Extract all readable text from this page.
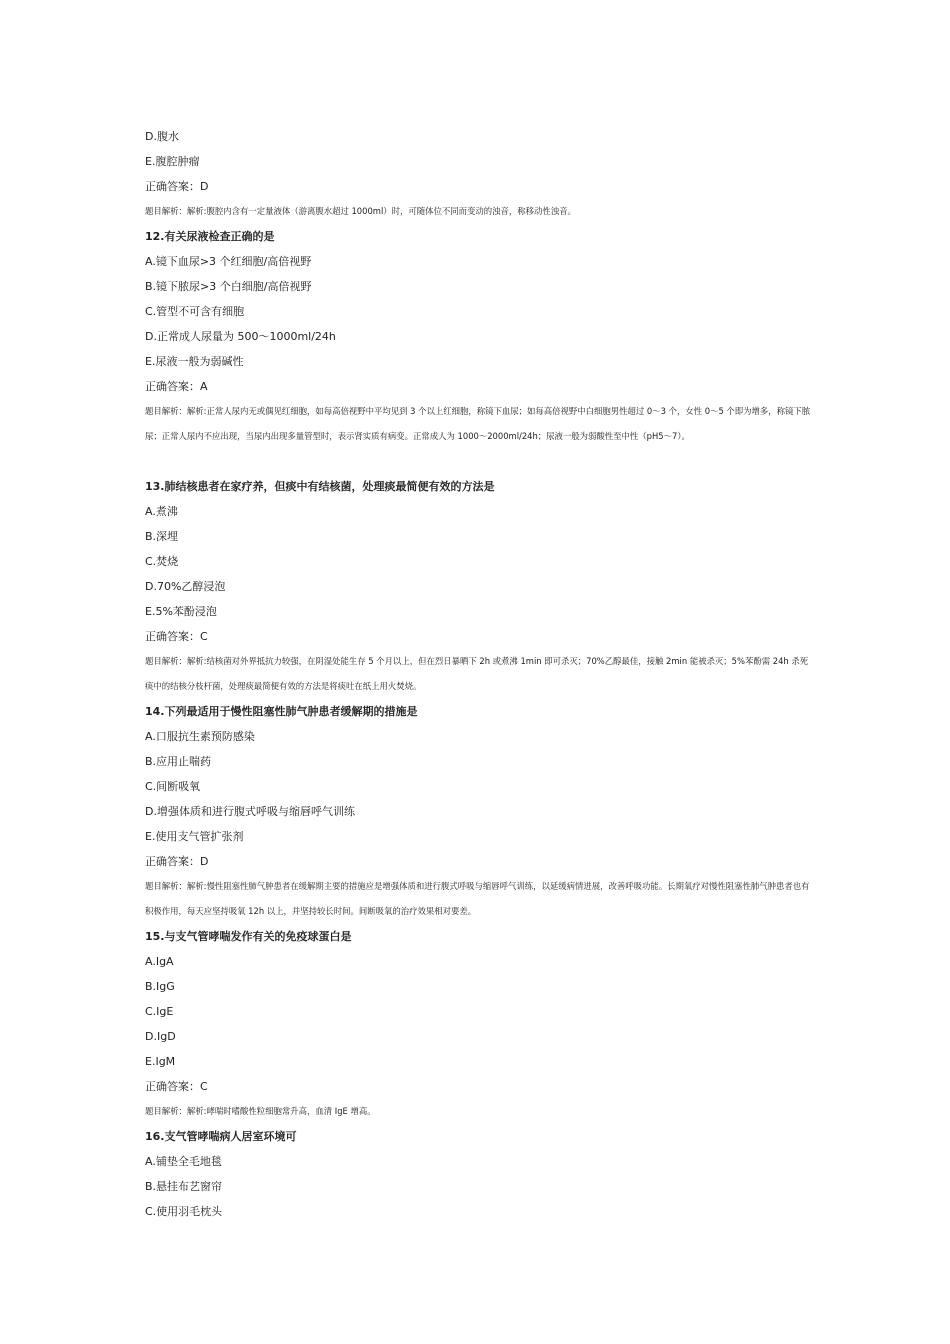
D.腹水
E.腹腔肿瘤
正确答案：D
题目解析：解析:腹腔内含有一定量液体（游离腹水超过 1000ml）时，可随体位不同而变动的浊音，称移动性浊音。
12.有关尿液检查正确的是
A.镜下血尿>3 个红细胞/高倍视野
B.镜下脓尿>3 个白细胞/高倍视野
C.管型不可含有细胞
D.正常成人尿量为 500～1000ml/24h
E.尿液一般为弱碱性
正确答案：A
题目解析：解析:正常人尿内无或偶见红细胞，如每高倍视野中平均见到 3 个以上红细胞，称镜下血尿；如每高倍视野中白细胞男性超过 0～3 个，女性 0～5 个即为增多，称镜下脓尿；正常人尿内不应出现，当尿内出现多量管型时，表示肾实质有病变。正常成人为 1000～2000ml/24h；尿液一般为弱酸性至中性（pH5～7）。
13.肺结核患者在家疗养，但痰中有结核菌，处理痰最简便有效的方法是
A.煮沸
B.深埋
C.焚烧
D.70%乙醇浸泡
E.5%苯酚浸泡
正确答案：C
题目解析：解析:结核菌对外界抵抗力较强，在阴湿处能生存 5 个月以上，但在烈日暴晒下 2h 或煮沸 1min 即可杀灭；70%乙醇最佳，接触 2min 能被杀灭；5%苯酚需 24h 杀死痰中的结核分枝杆菌，处理痰最简便有效的方法是将痰吐在纸上用火焚烧。
14.下列最适用于慢性阻塞性肺气肿患者缓解期的措施是
A.口服抗生素预防感染
B.应用止喘药
C.间断吸氧
D.增强体质和进行腹式呼吸与缩唇呼气训练
E.使用支气管扩张剂
正确答案：D
题目解析：解析:慢性阻塞性肺气肿患者在缓解期主要的措施应是增强体质和进行腹式呼吸与缩唇呼气训练，以延缓病情进展，改善呼吸功能。长期氧疗对慢性阻塞性肺气肿患者也有积极作用，每天应坚持吸氧 12h 以上，并坚持较长时间。间断吸氧的治疗效果相对要差。
15.与支气管哮喘发作有关的免疫球蛋白是
A.IgA
B.IgG
C.IgE
D.IgD
E.IgM
正确答案：C
题目解析：解析:哮喘时嗜酸性粒细胞常升高，血清 IgE 增高。
16.支气管哮喘病人居室环境可
A.铺垫全毛地毯
B.悬挂布艺窗帘
C.使用羽毛枕头
